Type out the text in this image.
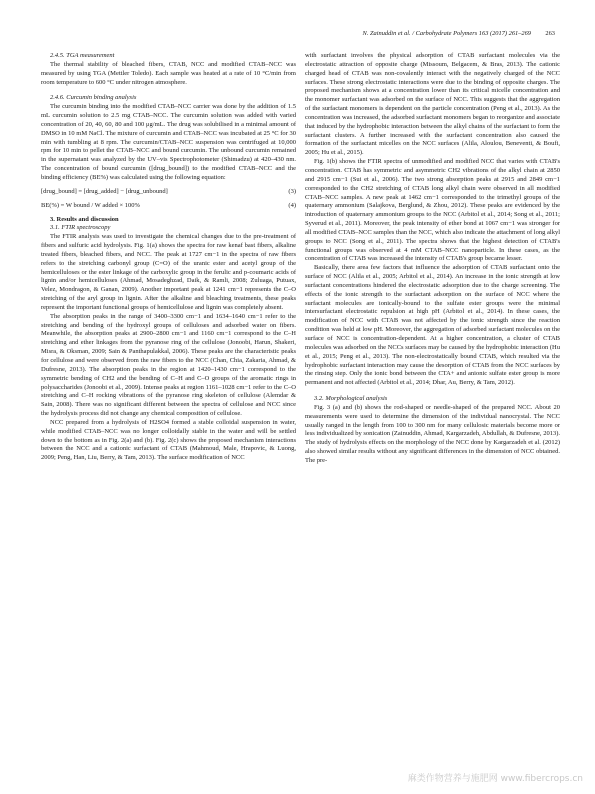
N. Zainuddin et al. / Carbohydrate Polymers 163 (2017) 261–269 263

2.4.5. TGA measurement

The thermal stability of bleached fibers, CTAB, NCC and modified CTAB–NCC was measured by using TGA (Mettler Toledo). Each sample was heated at a rate of 10 °C/min from room temperature to 600 °C under nitrogen atmosphere.

2.4.6. Curcumin binding analysis

The curcumin binding into the modified CTAB–NCC carrier was done by the addition of 1.5 mL curcumin solution to 2.5 mg CTAB–NCC. The curcumin solution was added with varied concentration of 20, 40, 60, 80 and 100 μg/mL. The drug was solubilised in a minimal amount of DMSO in 10 mM NaCl. The mixture of curcumin and CTAB–NCC was incubated at 25 °C for 30 min with tumbling at 8 rpm. The curcumin/CTAB–NCC suspension was centrifuged at 10,000 rpm for 10 min to pellet the CTAB–NCC and bound curcumin. The unbound curcumin remained in the supernatant was analyzed by the UV–vis Spectrophotometer (Shimadzu) at 420–430 nm. The concentration of bound curcumin ([drug_bound]) to the modified CTAB–NCC and the binding efficiency (BE%) was calculated using the following equation:

[drug_bound] = [drug_added] − [drug_unbound]	(3)
BE(%) = W bound / W added × 100%	(4)

3. Results and discussion

3.1. FTIR spectroscopy

The FTIR analysis was used to investigate the chemical changes due to the pre-treatment of fibers and sulfuric acid hydrolysis. Fig. 1(a) shows the spectra for raw kenaf bast fibers, alkaline treated fibers, bleached fibers, and NCC. The peak at 1727 cm−1 in the spectra of raw fibers refers to the stretching carbonyl group (C=O) of the uranic ester and acetyl group of the hemicelluloses or the ester linkage of the carboxylic group in the ferulic and p-coumaric acids of lignin and/or hemicelluloses (Ahmad, Mosadeghzad, Daik, & Ramli, 2008; Zuluaga, Putuax, Velez, Mondragon, & Ganan, 2009). Another important peak at 1241 cm−1 represents the C–O stretching of the aryl group in lignin. After the alkaline and bleaching treatments, these peaks represent the important functional groups of hemicellulose and lignin was completely absent.

The absorption peaks in the range of 3400–3300 cm−1 and 1634–1640 cm−1 refer to the stretching and bending of the hydroxyl groups of celluloses and adsorbed water on fibers. Meanwhile, the absorption peaks at 2900–2800 cm−1 and 1160 cm−1 correspond to the C–H stretching and ether linkages from the pyranose ring of the cellulose (Jonoobi, Harun, Shakeri, Misra, & Oksman, 2009; Sain & Panthapulakkal, 2006). These peaks are the characteristic peaks for cellulose and were observed from the raw fibers to the NCC (Chan, Chia, Zakaria, Ahmad, & Dufresne, 2013). The absorption peaks in the region at 1420–1430 cm−1 correspond to the symmetric bending of CH2 and the bending of C–H and C–O groups of the aromatic rings in polysaccharides (Jonoobi et al., 2009). Intense peaks at region 1161–1028 cm−1 refer to the C–O stretching and C–H rocking vibrations of the pyranose ring skeleton of cellulose (Alemdar & Sain, 2008). There was no significant different between the spectra of cellulose and NCC since the hydrolysis process did not change any chemical composition of cellulose.

NCC prepared from a hydrolysis of H2SO4 formed a stable colloidal suspension in water, while modified CTAB–NCC was no longer colloidally stable in the water and will be settled down to the bottom as in Fig. 2(a) and (b). Fig. 2(c) shows the proposed mechanism interactions between the NCC and a cationic surfactant of CTAB (Mahmoud, Male, Hrapovic, & Luong, 2009; Peng, Han, Liu, Berry, & Tam, 2013). The surface modification of NCC

with surfactant involves the physical adsorption of CTAB surfactant molecules via the electrostatic attraction of opposite charge (Missoum, Belgacem, & Bras, 2013). The cationic charged head of CTAB was non-covalently interact with the negatively charged of the NCC surfaces. These strong electrostatic interactions were due to the binding of opposite charges. The proposed mechanism shows at a concentration lower than its critical micelle concentration and the monomer surfactant was adsorbed on the surface of NCC. This suggests that the aggregation of the surfactant monomers is dependent on the particle concentration (Peng et al., 2013). As the concentration was increased, the adsorbed surfactant monomers began to reorganize and associate that induced by the hydrophobic interaction between the alkyl chains of the surfactant to form the surfactant clusters. A further increased with the surfactant concentration also caused the formation of the surfactant micelles on the NCC surfaces (Alila, Aloulou, Beneventi, & Boufi, 2005; Hu et al., 2015).

Fig. 1(b) shows the FTIR spectra of unmodified and modified NCC that varies with CTAB's concentration. CTAB has symmetric and asymmetric CH2 vibrations of the alkyl chain at 2850 and 2915 cm−1 (Sui et al., 2006). The two strong absorption peaks at 2915 and 2849 cm−1 corresponded to the CH2 stretching of CTAB long alkyl chain were observed in all modified CTAB–NCC samples. A new peak at 1462 cm−1 corresponded to the trimethyl groups of the quaternary ammonium (Salajkova, Berglund, & Zhou, 2012). These peaks are evidenced by the introduction of quaternary ammonium groups to the NCC (Arbitol et al., 2014; Song et al., 2011; Syverud et al., 2011). Moreover, the peak intensity of ether bond at 1067 cm−1 was stronger for all modified CTAB–NCC samples than the NCC, which also indicate the attachment of long alkyl groups to NCC (Song et al., 2011). The spectra shows that the highest detection of CTAB's functional groups was observed at 4 mM CTAB–NCC nanoparticle. In these cases, as the concentration of CTAB was increased the intensity of CTAB's group became lesser.

Basically, there area few factors that influence the adsorption of CTAB surfactant onto the surface of NCC (Alila et al., 2005; Arbitol et al., 2014). An increase in the ionic strength at low surfactant concentrations hindered the electrostatic adsorption due to the charge screening. The effects of the ionic strength to the surfactant adsorption on the surface of NCC where the surfactant molecules are ionically-bound to the sulfate ester groups were the minimal intersurfactant electrostatic repulsion at high pH (Arbitol et al., 2014). In these cases, the modification of NCC with CTAB was not affected by the ionic strength since the reaction condition was held at low pH. Moreover, the aggregation of adsorbed surfactant molecules on the surface of NCC is concentration-dependent. At a higher concentration, a cluster of CTAB molecules was adsorbed on the NCCs surfaces may be caused by the hydrophobic interaction (Hu et al., 2015; Peng et al., 2013). The non-electrostatically bound CTAB, which resulted via the hydrophobic surfactant interaction may cause the desorption of CTAB from the NCC surfaces by the rinsing step. Only the ionic bond between the CTA+ and anionic sulfate ester group is more permanent and not affected (Arbitol et al., 2014; Dhar, Au, Berry, & Tam, 2012).

3.2. Morphological analysis

Fig. 3 (a) and (b) shows the rod-shaped or needle-shaped of the prepared NCC. About 20 measurements were used to determine the dimension of the individual nanocrystal. The NCC usually ranged in the length from 100 to 300 nm for many cellulosic materials become more or less individualized by sonication (Zainuddin, Ahmad, Kargarzadeh, Abdullah, & Dufresne, 2013). The study of hydrolysis effects on the morphology of the NCC done by Kargarzadeh et al. (2012) also showed similar results without any significant differences in the dimension of NCC obtained. The pre-

麻类作物营养与施肥网 www.fibercrops.cn
